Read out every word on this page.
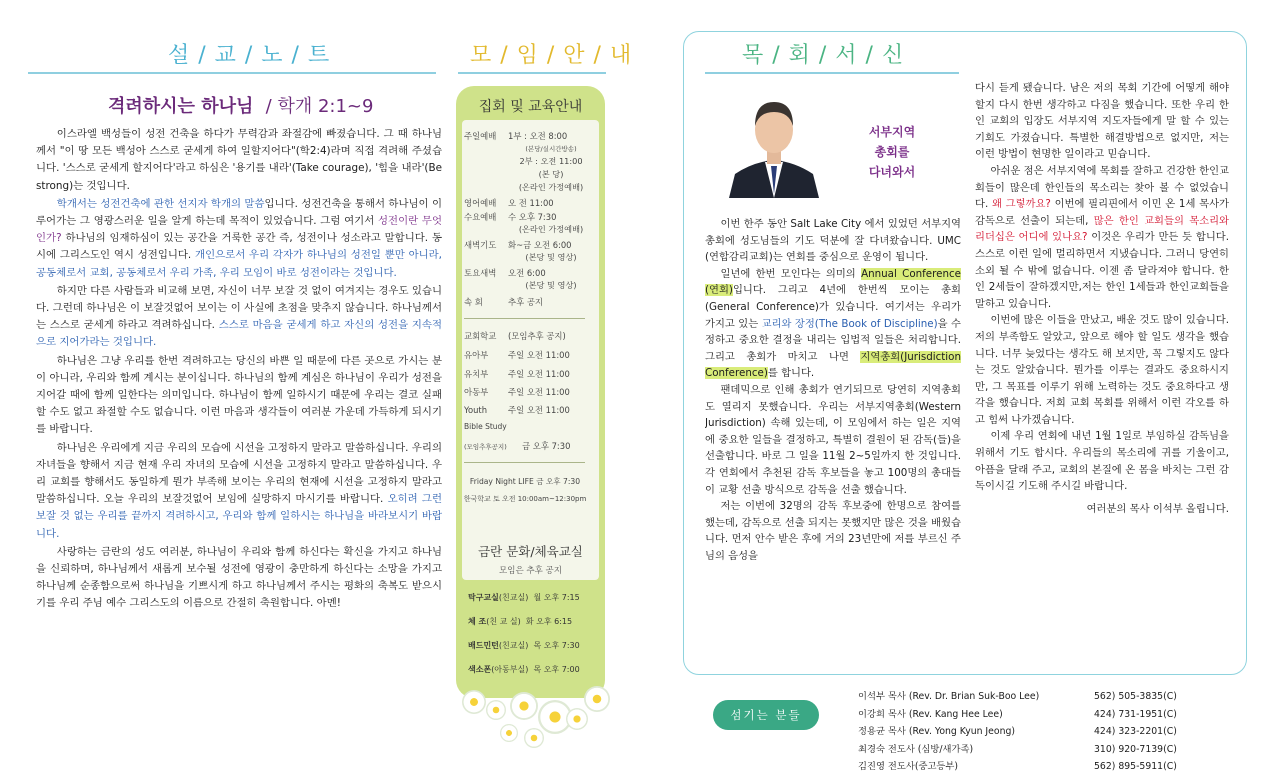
설 / 교 / 노 / 트
격려하시는 하나님 / 학개 2:1~9

이스라엘 백성들이 성전 건축을 하다가 무력감과 좌절감에 빠졌습니다. 그 때 하나님께서 "이 땅 모든 백성아 스스로 굳세게 하여 일할지어다"(학2:4)라며 직접 격려해 주셨습니다. '스스로 굳세게 할지어다'라고 하심은 '용기를 내라'(Take courage), '힘을 내라'(Be strong)는 것입니다.

학개서는 성전건축에 관한 선지자 학개의 말씀입니다. 성전건축을 통해서 하나님이 이루어가는 그 영광스러운 일을 알게 하는데 목적이 있었습니다. 그럼 여기서 성전이란 무엇인가? 하나님의 임재하심이 있는 공간을 거룩한 공간 즉, 성전이나 성소라고 말합니다. 동시에 그리스도인 역시 성전입니다. 개인으로서 우리 각자가 하나님의 성전일 뿐만 아니라, 공동체로서 교회, 공동체로서 우리 가족, 우리 모임이 바로 성전이라는 것입니다.

하지만 다른 사람들과 비교해 보면, 자신이 너무 보잘 것 없이 여겨지는 경우도 있습니다. 그런데 하나님은 이 보잘것없어 보이는 이 사실에 초점을 맞추지 않습니다. 하나님께서는 스스로 굳세게 하라고 격려하십니다. 스스로 마음을 굳세게 하고 자신의 성전을 지속적으로 지어가라는 것입니다.

하나님은 그냥 우리를 한번 격려하고는 당신의 바쁜 일 때문에 다른 곳으로 가시는 분이 아니라, 우리와 함께 계시는 분이십니다. 하나님의 함께 계심은 하나님이 우리가 성전을 지어갈 때에 함께 일한다는 의미입니다. 하나님이 함께 일하시기 때문에 우리는 결코 실패할 수도 없고 좌절할 수도 없습니다. 이런 마음과 생각들이 여러분 가운데 가득하게 되시기를 바랍니다.

하나님은 우리에게 지금 우리의 모습에 시선을 고정하지 말라고 말씀하십니다. 우리의 자녀들을 향해서 지금 현재 우리 자녀의 모습에 시선을 고정하지 말라고 말씀하십니다. 우리 교회를 향해서도 동일하게 뭔가 부족해 보이는 우리의 현재에 시선을 고정하지 말라고 말씀하십니다. 오늘 우리의 보잘것없어 보임에 실망하지 마시기를 바랍니다. 오히려 그런 보잘 것 없는 우리를 끝까지 격려하시고, 우리와 함께 일하시는 하나님을 바라보시기 바랍니다.

사랑하는 금란의 성도 여러분, 하나님이 우리와 함께 하신다는 확신을 가지고 하나님을 신뢰하며, 하나님께서 새롭게 보수될 성전에 영광이 충만하게 하신다는 소망을 가지고 하나님께 순종함으로써 하나님을 기쁘시게 하고 하나님께서 주시는 평화의 축복도 받으시기를 우리 주님 예수 그리스도의 이름으로 간절히 축원합니다. 아멘!

모 / 임 / 안 / 내
집회 및 교육안내
주일예배 1부 : 오전 8:00
(본당/실시간방송)
2부 : 오전 11:00
(본 당)
(온라인 가정예배)
영어예배 오 전 11:00
수요예배 수 오후 7:30
(온라인 가정예배)
새벽기도 화~금 오전 6:00
(본당 및 영상)
토요새벽 오전 6:00
(본당 및 영상)
속 회	추후 공지
교회학교 (모임추후 공지)
유아부 주일 오전 11:00
유치부 주일 오전 11:00
아동부 주일 오전 11:00
Youth 주일 오전 11:00
Bible Study
(모임추후공지) 금 오후 7:30
Friday Night LIFE 금 오후 7:30
한국학교 토 오전 10:00am~12:30pm
금란 문화/체육교실
모임은 추후 공지
탁구교실(친교실) 월 오후 7:15
체 조(친 교 실) 화 오후 6:15
배드민턴(친교실) 목 오후 7:30
색소폰(아동부실) 목 오후 7:00
목 / 회 / 서 / 신
서부지역
총회를
다녀와서

이번 한주 동안 Salt Lake City 에서 있었던 서부지역총회에 성도님들의 기도 덕분에 잘 다녀왔습니다. UMC (연합감리교회)는 연회를 중심으로 운영이 됩니다.

일년에 한번 모인다는 의미의 Annual Conference (연회)입니다. 그리고 4년에 한번씩 모이는 총회 (General Conference)가 있습니다. 여기서는 우리가 가지고 있는 교리와 장정(The Book of Discipline)을 수정하고 중요한 결정을 내리는 입법적 일들은 처리합니다. 그리고 총회가 마치고 나면 지역총회(Jurisdiction Conference)를 합니다.

팬데믹으로 인해 총회가 연기되므로 당연히 지역총회도 열리지 못했습니다. 우리는 서부지역총회(Western Jurisdiction) 속해 있는데, 이 모임에서 하는 일은 지역에 중요한 일들을 결정하고, 특별히 결원이 된 감독(들)을 선출합니다. 바로 그 일을 11월 2~5일까지 한 것입니다. 각 연회에서 추천된 감독 후보들을 놓고 100명의 총대들이 교황 선출 방식으로 감독을 선출 했습니다.

저는 이번에 32명의 감독 후보중에 한명으로 참여를 했는데, 감독으로 선출 되지는 못했지만 많은 것을 배웠습니다. 먼저 안수 받은 후에 거의 23년만에 저를 부르신 주님의 음성을

다시 듣게 됐습니다. 남은 저의 목회 기간에 어떻게 해야 할지 다시 한번 생각하고 다짐을 했습니다. 또한 우리 한인 교회의 입장도 서부지역 지도자들에게 말 할 수 있는 기회도 가졌습니다. 특별한 해결방법으로 없지만, 저는 이런 방법이 현명한 일이라고 믿습니다.

아쉬운 점은 서부지역에 목회를 잘하고 건강한 한인교회들이 많은데 한인들의 목소리는 찾아 볼 수 없었습니다. 왜 그렇까요? 이번에 필리핀에서 이민 온 1세 목사가 감독으로 선출이 되는데, 많은 한인 교회들의 목소리와 리더십은 어디에 있나요? 이것은 우리가 만든 듯 합니다. 스스로 이런 일에 멀리하면서 지냈습니다. 그러니 당연히 소외 될 수 밖에 없습니다. 이젠 좀 달라져야 합니다. 한인 2세들이 잘하겠지만,저는 한인 1세들과 한인교회들을 말하고 있습니다.

이번에 많은 이들을 만났고, 배운 것도 많이 있습니다. 저의 부족함도 알았고, 앞으로 해야 할 일도 생각을 했습니다. 너무 늦었다는 생각도 해 보지만, 꼭 그렇지도 않다는 것도 알았습니다. 뭔가를 이루는 결과도 중요하시지만, 그 목표를 이루기 위해 노력하는 것도 중요하다고 생각을 했습니다. 저희 교회 목회를 위해서 이런 각오를 하고 힘써 나가겠습니다.

이제 우리 연회에 내년 1월 1일로 부임하실 감독님을 위해서 기도 합시다. 우리들의 목소리에 귀를 기울이고, 아픔을 달래 주고, 교회의 본질에 온 몸을 바치는 그런 감독이시길 기도해 주시길 바랍니다.

여러분의 목사 이석부 올립니다.

섬기는 분들
이석부 목사 (Rev. Dr. Brian Suk-Boo Lee)	562) 505-3835(C)
이강희 목사 (Rev. Kang Hee Lee)	424) 731-1951(C)
정용균 목사 (Rev. Yong Kyun Jeong)	424) 323-2201(C)
최경숙 전도사 (심방/새가족)	310) 920-7139(C)
김진영 전도사(중고등부)	562) 895-5911(C)
